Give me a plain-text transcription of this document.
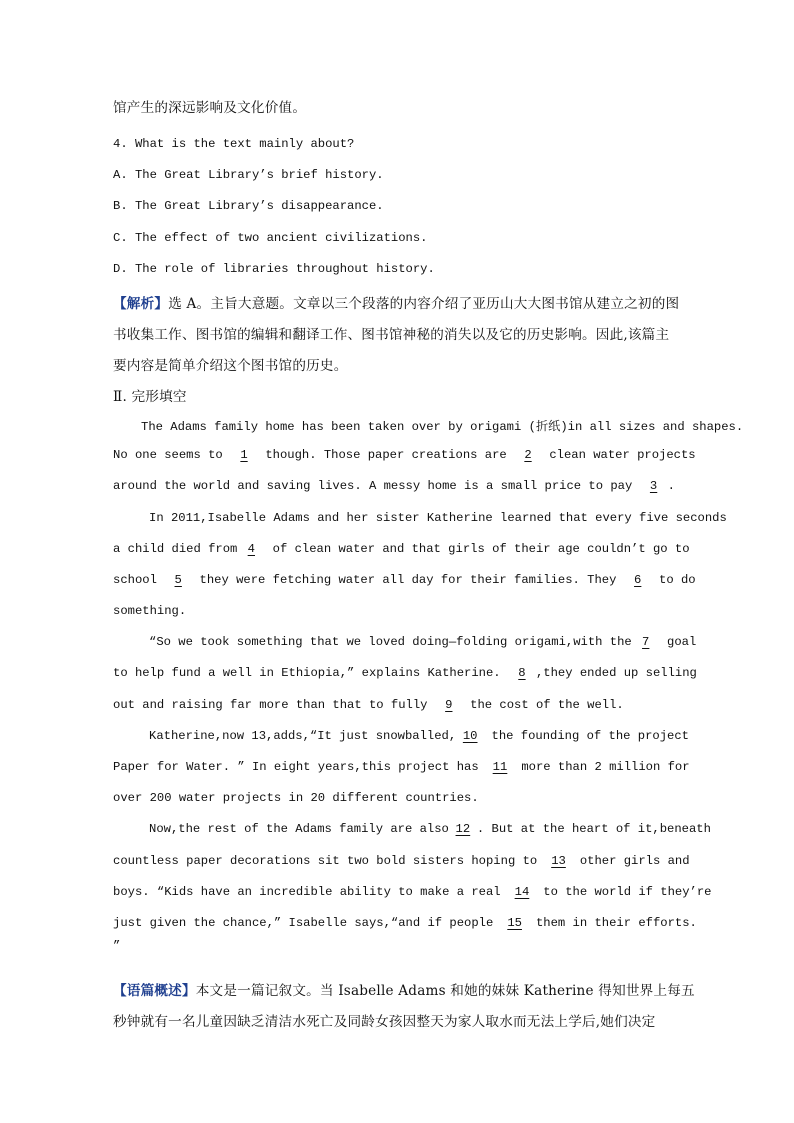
馆产生的深远影响及文化价值。

4. What is the text mainly about?

A. The Great Library’s brief history.

B. The Great Library’s disappearance.

C. The effect of two ancient civilizations.

D. The role of libraries throughout history.

【解析】选 A。主旨大意题。文章以三个段落的内容介绍了亚历山大大图书馆从建立之初的图

书收集工作、图书馆的编辑和翻译工作、图书馆神秘的消失以及它的历史影响。因此,该篇主

要内容是简单介绍这个图书馆的历史。

Ⅱ. 完形填空

The Adams family home has been taken over by origami (折纸)in all sizes and shapes.

No one seems to 1 though. Those paper creations are 2 clean water projects

around the world and saving lives. A messy home is a small price to pay 3 .

In 2011,Isabelle Adams and her sister Katherine learned that every five seconds

a child died from 4 of clean water and that girls of their age couldn’t go to

school 5 they were fetching water all day for their families. They 6 to do

something.

“So we took something that we loved doing—folding origami,with the 7 goal

to help fund a well in Ethiopia,” explains Katherine. 8 ,they ended up selling

out and raising far more than that to fully 9 the cost of the well.

Katherine,now 13,adds,“It just snowballed, 10 the founding of the project

Paper for Water. ” In eight years,this project has 11 more than 2 million for

over 200 water projects in 20 different countries.

Now,the rest of the Adams family are also 12 . But at the heart of it,beneath

countless paper decorations sit two bold sisters hoping to 13 other girls and

boys. “Kids have an incredible ability to make a real 14 to the world if they’re

just given the chance,” Isabelle says,“and if people 15 them in their efforts.

”

【语篇概述】本文是一篇记叙文。当 Isabelle Adams 和她的妹妹 Katherine 得知世界上每五

秒钟就有一名儿童因缺乏清洁水死亡及同龄女孩因整天为家人取水而无法上学后,她们决定
